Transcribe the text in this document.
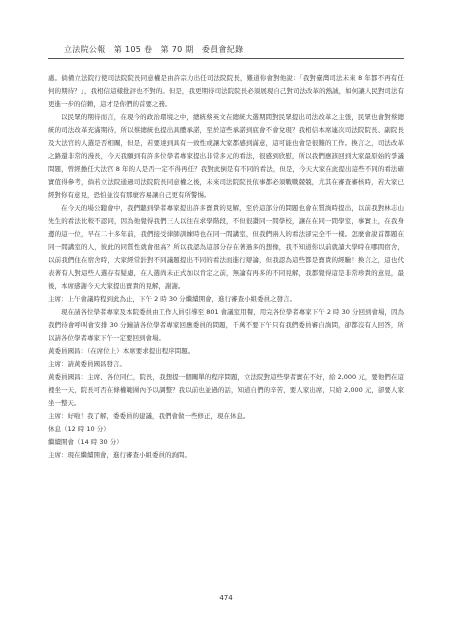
立法院公報　第 105 卷　第 70 期　委員會紀錄

處。倘備立法院行使司法院院長同意權是由許宗力出任司法院院長，難道你會對他說：「我對臺灣司法未來 8 年都不再有任何的期待？」，我相信這樣批評也不對的。但是，我更期待司法院院長必須展現自己對司法改革的熱誠，如何讓人民對司法有更進一步的信賴，這才是你們的首要之務。

以民眾的期待而言，在現今的政治環境之中，總統蔡英文在總統大選期間對民眾提出司法改革之主張，民眾也會對蔡總統的司法改革充滿期待，所以蔡總統也提出具體承諾，至於這些承諾到底會不會兌現？我相信本席連次司法院院長、副院長及大法官的人選是否相關，但是，若要達到具有一致性或讓大家都感到滿意，這可能也會是很難的工作。換言之，司法改革之路還非常的漫長，今天我願到有許多位學者專家提出非常多元的看法，很感到欣慰，所以我們應該回到大家最原始的爭議問題，曾經擔任大法官 8 年的人是否一定不得再任？我對此倒是有不同的看法，但是，今天大家在此提出這些不同的看法確實值得參考，倘若立法院通過司法院院長同意權之後，未來司法院院長依事都必須戰戰兢兢，尤其在審查審核時，若大家已經對你有意見，恐怕並沒有那麼容易讓自己更有所警惕。

在今天的場公聽會中，我們聽到學者專家提出許多寶貴的見解，至於這部分的問題也會在質詢時提出，以前我對林志山先生的看法比較不認同，因為他覺得我們三人以往在求學階段，不但很讚同一間學校，讓在在同一間學室，事實上，在我身邊的這一位，早在二十多年前，我們接受律師訓練時也在同一間講室，但我們兩人的看法卻完全不一樣。怎麼會說首都題在同一間講室的人，彼此的同質性就會很高？所以我認為這部分存在著過多的想像，我不知道你以前就讀大學時在哪間宿舍，以前我們住在宿舍時，大家經常針對不同議題提出不同的看法而進行辯論，但我認為這些都是寶貴的經驗！換言之，這也代表著有人對這些人選存有疑慮，在人選尚未正式加以肯定之前，無論有再多的不同見解，我都覺得這是非常珍貴的意見，最後，本席感謝今天大家提出寶貴的見解，謝謝。

主席：上午會議時程到此為止，下午 2 時 30 分繼續開會，進行審查小組委員之發言。

現在請各位學者專家及本院委員由工作人員引導至 801 會議室用餐，用完各位學者專家下午 2 時 30 分回到會場，因為我們待會呼叫會安排 30 分鐘請各位學者專家回應委員的問題，千萬不要下午只有我們委員審自詢問，卻都沒有人回答，所以請各位學者專家下午一定要回到會場。

黃委員國昌：（在席位上）本席要求提出程序問題。

主席：請黃委員國昌發言。

黃委員國昌：主席、各位同仁，院長，我想提一個關單的程序問題，立法院對這些學者實在不好，給 2,000 元，要他們在這裡坐一天，院長可否在條權範圍內予以調整？我以前也並過的話，知道自們的辛苦，要人家出席，只給 2,000 元，卻要人家坐一整天。

主席：好啦！我了解，委委員的建議，我們會做一些修正，現在休息。

休息（12 時 10 分）

繼續開會（14 時 30 分）

主席：現在繼續開會，進行審查小組委員的詢問。

474
